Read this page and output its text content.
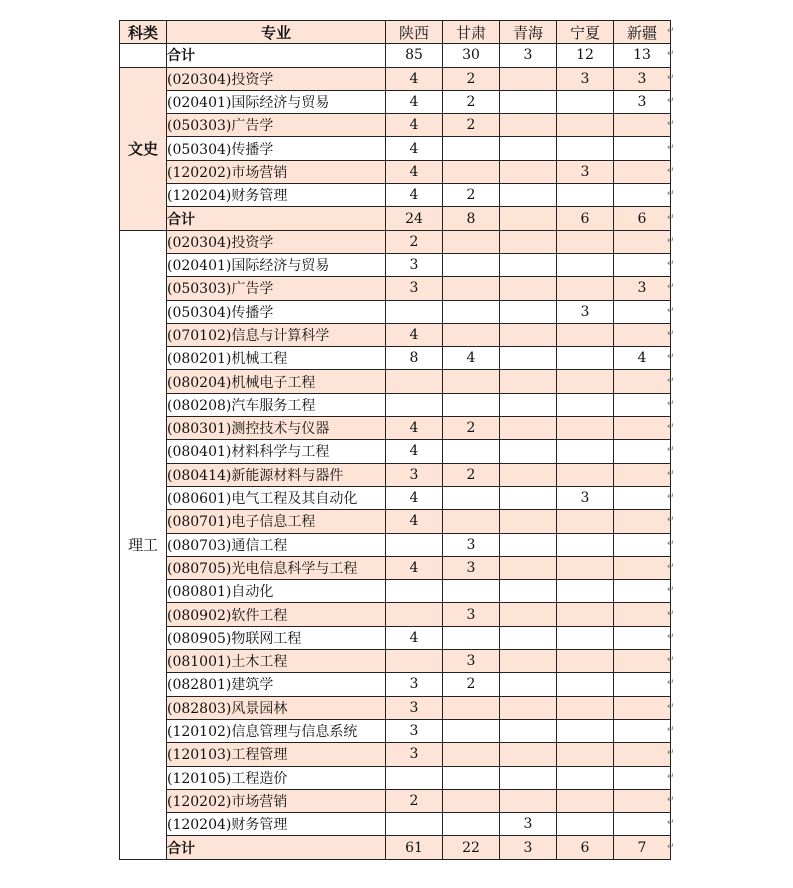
科类	专业	陕西	甘肃	青海	宁夏	新疆
	合计	85	30	3	12	13
文史	(020304)投资学	4	2		3	3
	(020401)国际经济与贸易	4	2			3
	(050303)广告学	4	2			
	(050304)传播学	4				
	(120202)市场营销	4			3	
	(120204)财务管理	4	2			
	合计	24	8		6	6
理工	(020304)投资学	2				
	(020401)国际经济与贸易	3				
	(050303)广告学	3				3
	(050304)传播学				3	
	(070102)信息与计算科学	4				
	(080201)机械工程	8	4			4
	(080204)机械电子工程					
	(080208)汽车服务工程					
	(080301)测控技术与仪器	4	2			
	(080401)材料科学与工程	4				
	(080414)新能源材料与器件	3	2			
	(080601)电气工程及其自动化	4			3	
	(080701)电子信息工程	4				
	(080703)通信工程		3			
	(080705)光电信息科学与工程	4	3			
	(080801)自动化					
	(080902)软件工程		3			
	(080905)物联网工程	4				
	(081001)土木工程		3			
	(082801)建筑学	3	2			
	(082803)风景园林	3				
	(120102)信息管理与信息系统	3				
	(120103)工程管理	3				
	(120105)工程造价					
	(120202)市场营销	2				
	(120204)财务管理			3		
	合计	61	22	3	6	7
↵
↵
↵
↵
↵
↵
↵
↵
↵
↵
↵
↵
↵
↵
↵
↵
↵
↵
↵
↵
↵
↵
↵
↵
↵
↵
↵
↵
↵
↵
↵
↵
↵
↵
↵
↵
